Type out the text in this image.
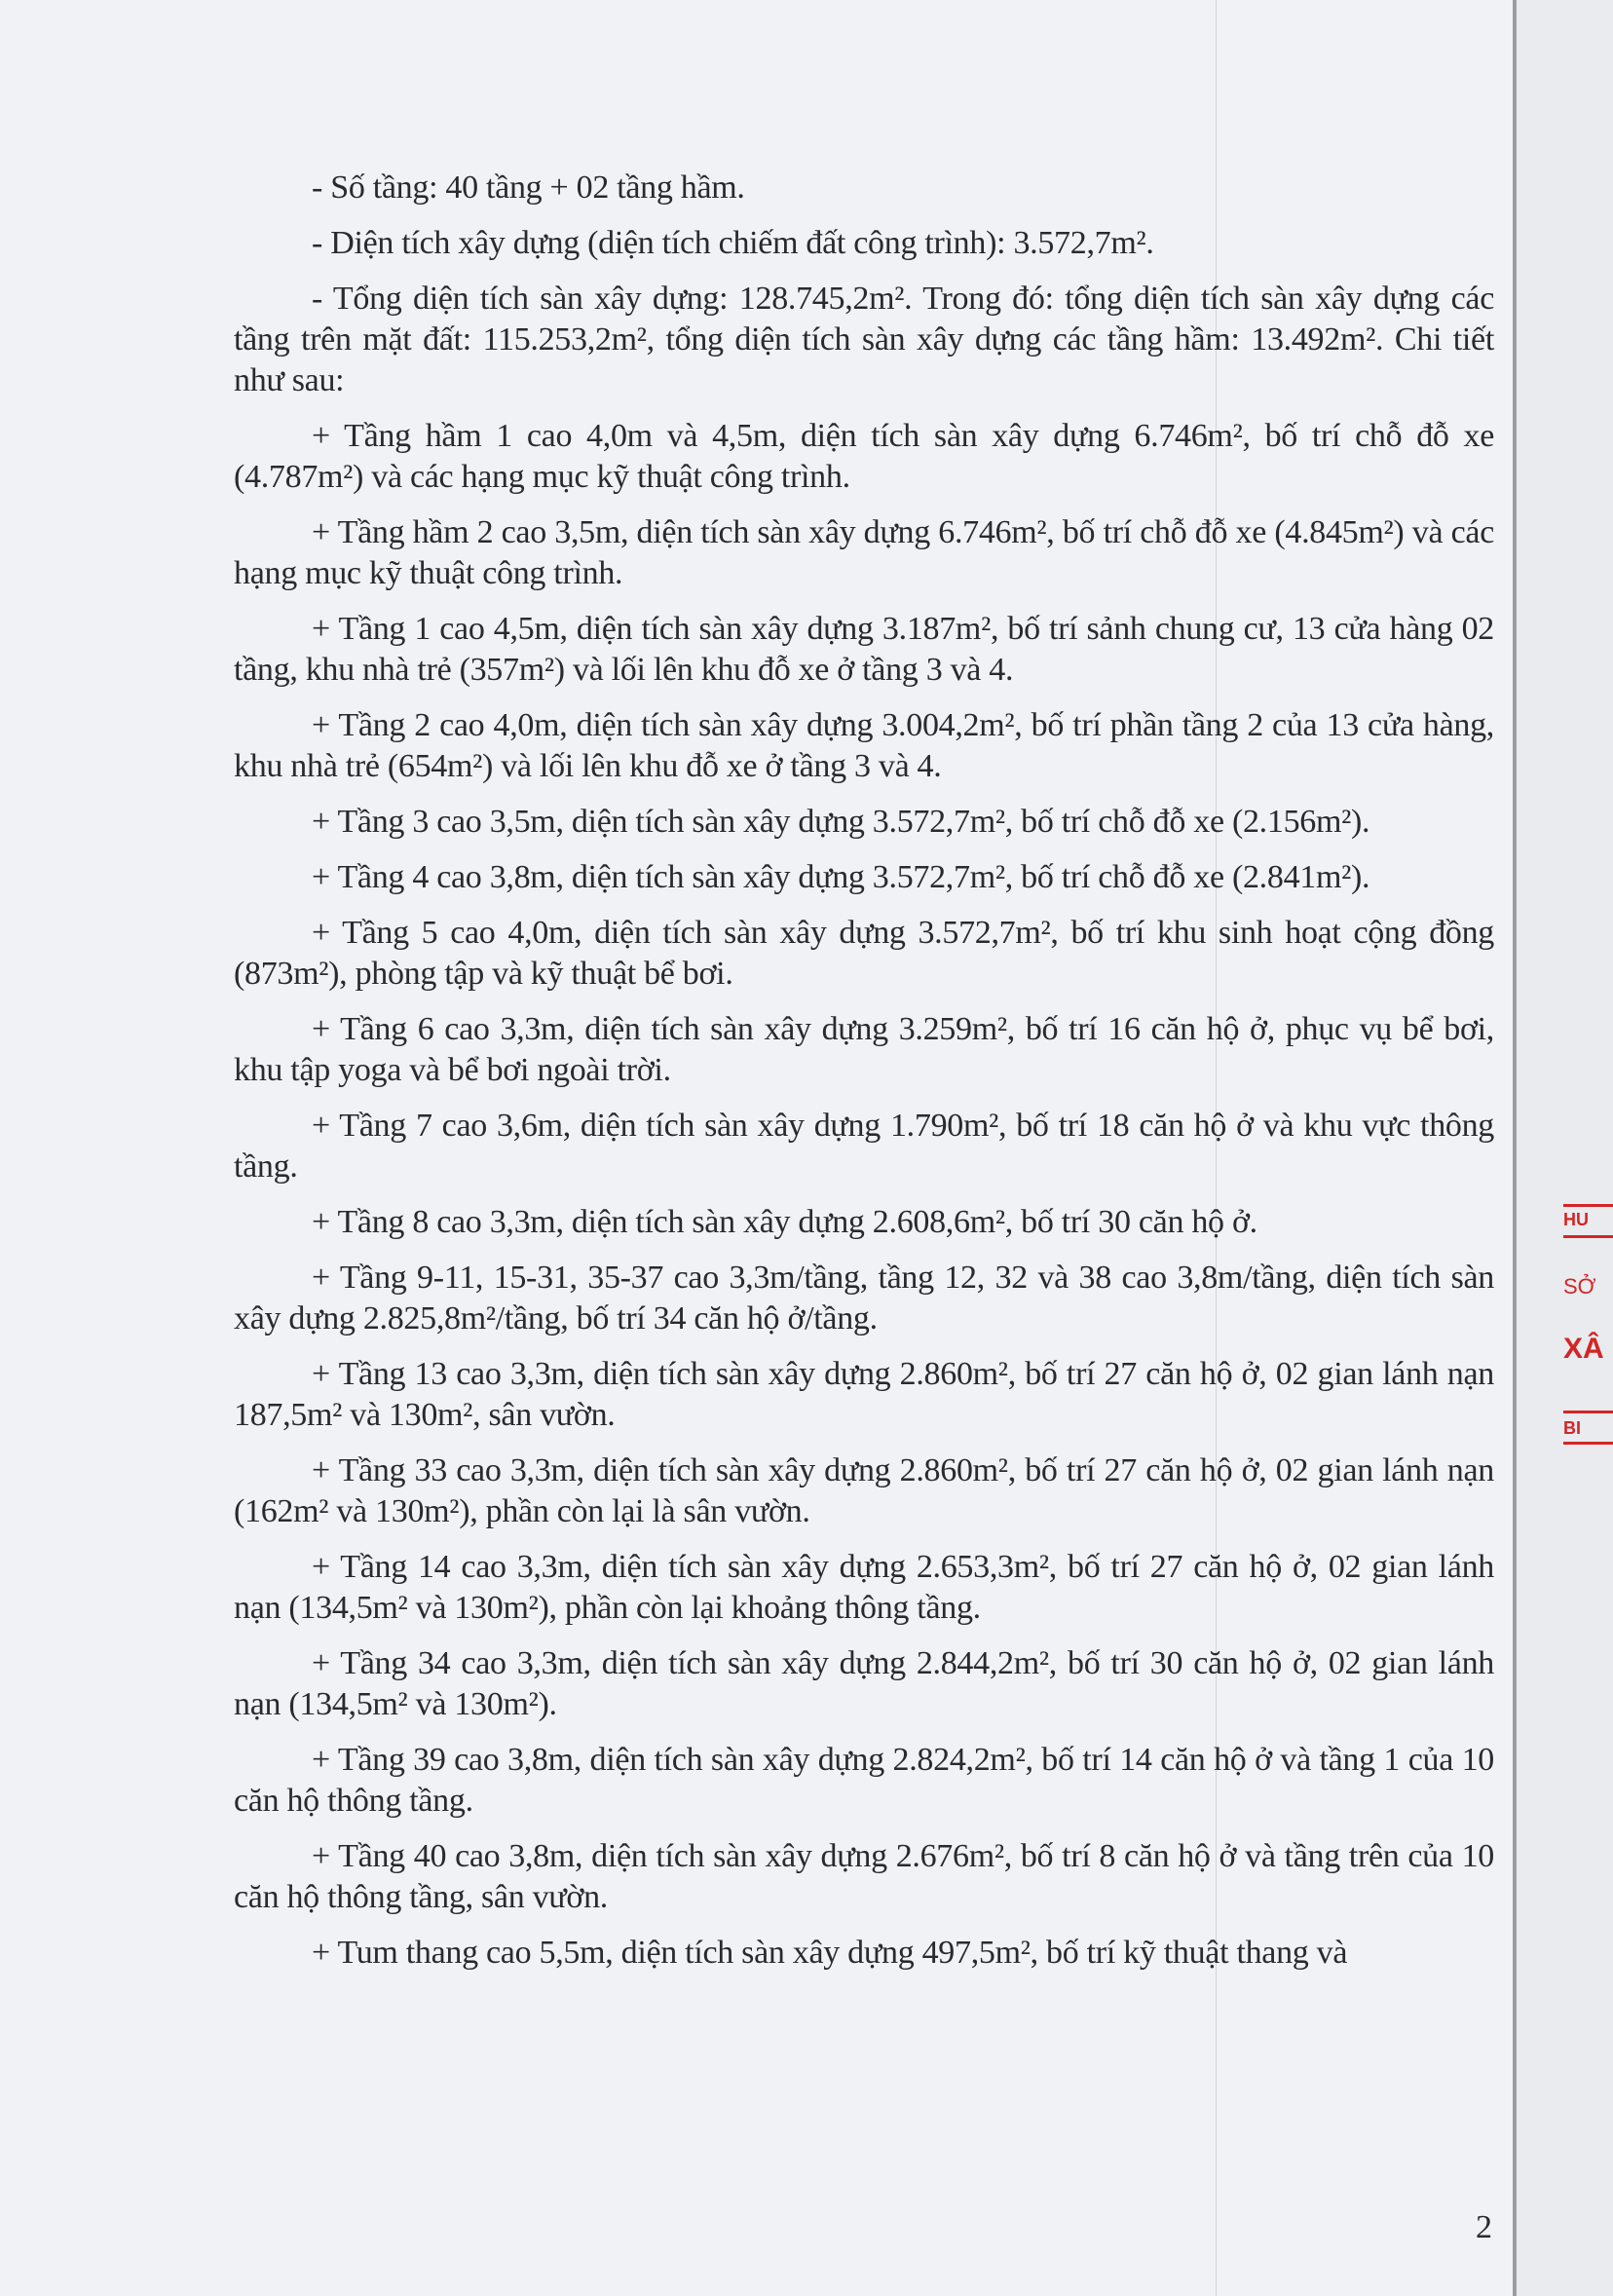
- Số tầng: 40 tầng + 02 tầng hầm.

- Diện tích xây dựng (diện tích chiếm đất công trình): 3.572,7m².

- Tổng diện tích sàn xây dựng: 128.745,2m². Trong đó: tổng diện tích sàn xây dựng các tầng trên mặt đất: 115.253,2m², tổng diện tích sàn xây dựng các tầng hầm: 13.492m². Chi tiết như sau:

+ Tầng hầm 1 cao 4,0m và 4,5m, diện tích sàn xây dựng 6.746m², bố trí chỗ đỗ xe (4.787m²) và các hạng mục kỹ thuật công trình.

+ Tầng hầm 2 cao 3,5m, diện tích sàn xây dựng 6.746m², bố trí chỗ đỗ xe (4.845m²) và các hạng mục kỹ thuật công trình.

+ Tầng 1 cao 4,5m, diện tích sàn xây dựng 3.187m², bố trí sảnh chung cư, 13 cửa hàng 02 tầng, khu nhà trẻ (357m²) và lối lên khu đỗ xe ở tầng 3 và 4.

+ Tầng 2 cao 4,0m, diện tích sàn xây dựng 3.004,2m², bố trí phần tầng 2 của 13 cửa hàng, khu nhà trẻ (654m²) và lối lên khu đỗ xe ở tầng 3 và 4.

+ Tầng 3 cao 3,5m, diện tích sàn xây dựng 3.572,7m², bố trí chỗ đỗ xe (2.156m²).

+ Tầng 4 cao 3,8m, diện tích sàn xây dựng 3.572,7m², bố trí chỗ đỗ xe (2.841m²).

+ Tầng 5 cao 4,0m, diện tích sàn xây dựng 3.572,7m², bố trí khu sinh hoạt cộng đồng (873m²), phòng tập và kỹ thuật bể bơi.

+ Tầng 6 cao 3,3m, diện tích sàn xây dựng 3.259m², bố trí 16 căn hộ ở, phục vụ bể bơi, khu tập yoga và bể bơi ngoài trời.

+ Tầng 7 cao 3,6m, diện tích sàn xây dựng 1.790m², bố trí 18 căn hộ ở và khu vực thông tầng.

+ Tầng 8 cao 3,3m, diện tích sàn xây dựng 2.608,6m², bố trí 30 căn hộ ở.

+ Tầng 9-11, 15-31, 35-37 cao 3,3m/tầng, tầng 12, 32 và 38 cao 3,8m/tầng, diện tích sàn xây dựng 2.825,8m²/tầng, bố trí 34 căn hộ ở/tầng.

+ Tầng 13 cao 3,3m, diện tích sàn xây dựng 2.860m², bố trí 27 căn hộ ở, 02 gian lánh nạn 187,5m² và 130m², sân vườn.

+ Tầng 33 cao 3,3m, diện tích sàn xây dựng 2.860m², bố trí 27 căn hộ ở, 02 gian lánh nạn (162m² và 130m²), phần còn lại là sân vườn.

+ Tầng 14 cao 3,3m, diện tích sàn xây dựng 2.653,3m², bố trí 27 căn hộ ở, 02 gian lánh nạn (134,5m² và 130m²), phần còn lại khoảng thông tầng.

+ Tầng 34 cao 3,3m, diện tích sàn xây dựng 2.844,2m², bố trí 30 căn hộ ở, 02 gian lánh nạn (134,5m² và 130m²).

+ Tầng 39 cao 3,8m, diện tích sàn xây dựng 2.824,2m², bố trí 14 căn hộ ở và tầng 1 của 10 căn hộ thông tầng.

+ Tầng 40 cao 3,8m, diện tích sàn xây dựng 2.676m², bố trí 8 căn hộ ở và tầng trên của 10 căn hộ thông tầng, sân vườn.

+ Tum thang cao 5,5m, diện tích sàn xây dựng 497,5m², bố trí kỹ thuật thang và

2
HU
SỞ
XÂ
BI
